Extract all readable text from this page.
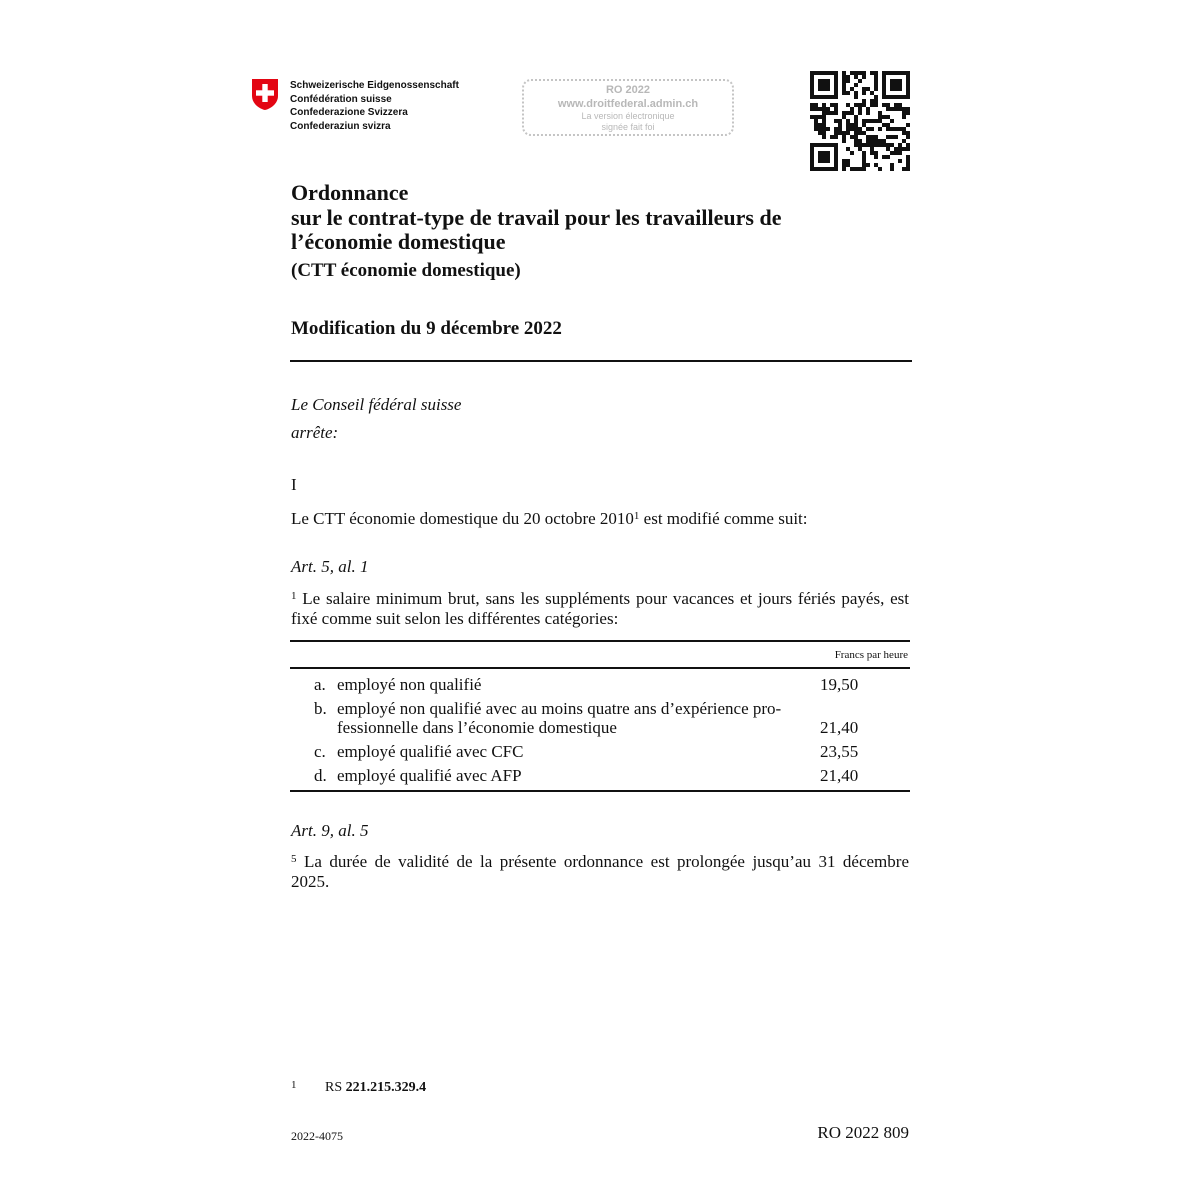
Schweizerische Eidgenossenschaft
Confédération suisse
Confederazione Svizzera
Confederaziun svizra
RO 2022
www.droitfederal.admin.ch
La version électronique
signée fait foi
Ordonnance
sur le contrat-type de travail pour les travailleurs de
l’économie domestique
(CTT économie domestique)
Modification du 9 décembre 2022
Le Conseil fédéral suisse
arrête:
I
Le CTT économie domestique du 20 octobre 2010$^1$ est modifié comme suit:
Art. 5, al. 1
$^1$ Le salaire minimum brut, sans les suppléments pour vacances et jours fériés payés, est fixé comme suit selon les différentes catégories:
Francs par heure
a. employé non qualifié	19,50
b. employé non qualifié avec au moins quatre ans d’expérience pro-fessionnelle dans l’économie domestique	21,40
c. employé qualifié avec CFC	23,55
d. employé qualifié avec AFP	21,40
Art. 9, al. 5
$^5$ La durée de validité de la présente ordonnance est prolongée jusqu’au 31 décembre 2025.
1 RS 221.215.329.4
2022-4075	RO 2022 809
